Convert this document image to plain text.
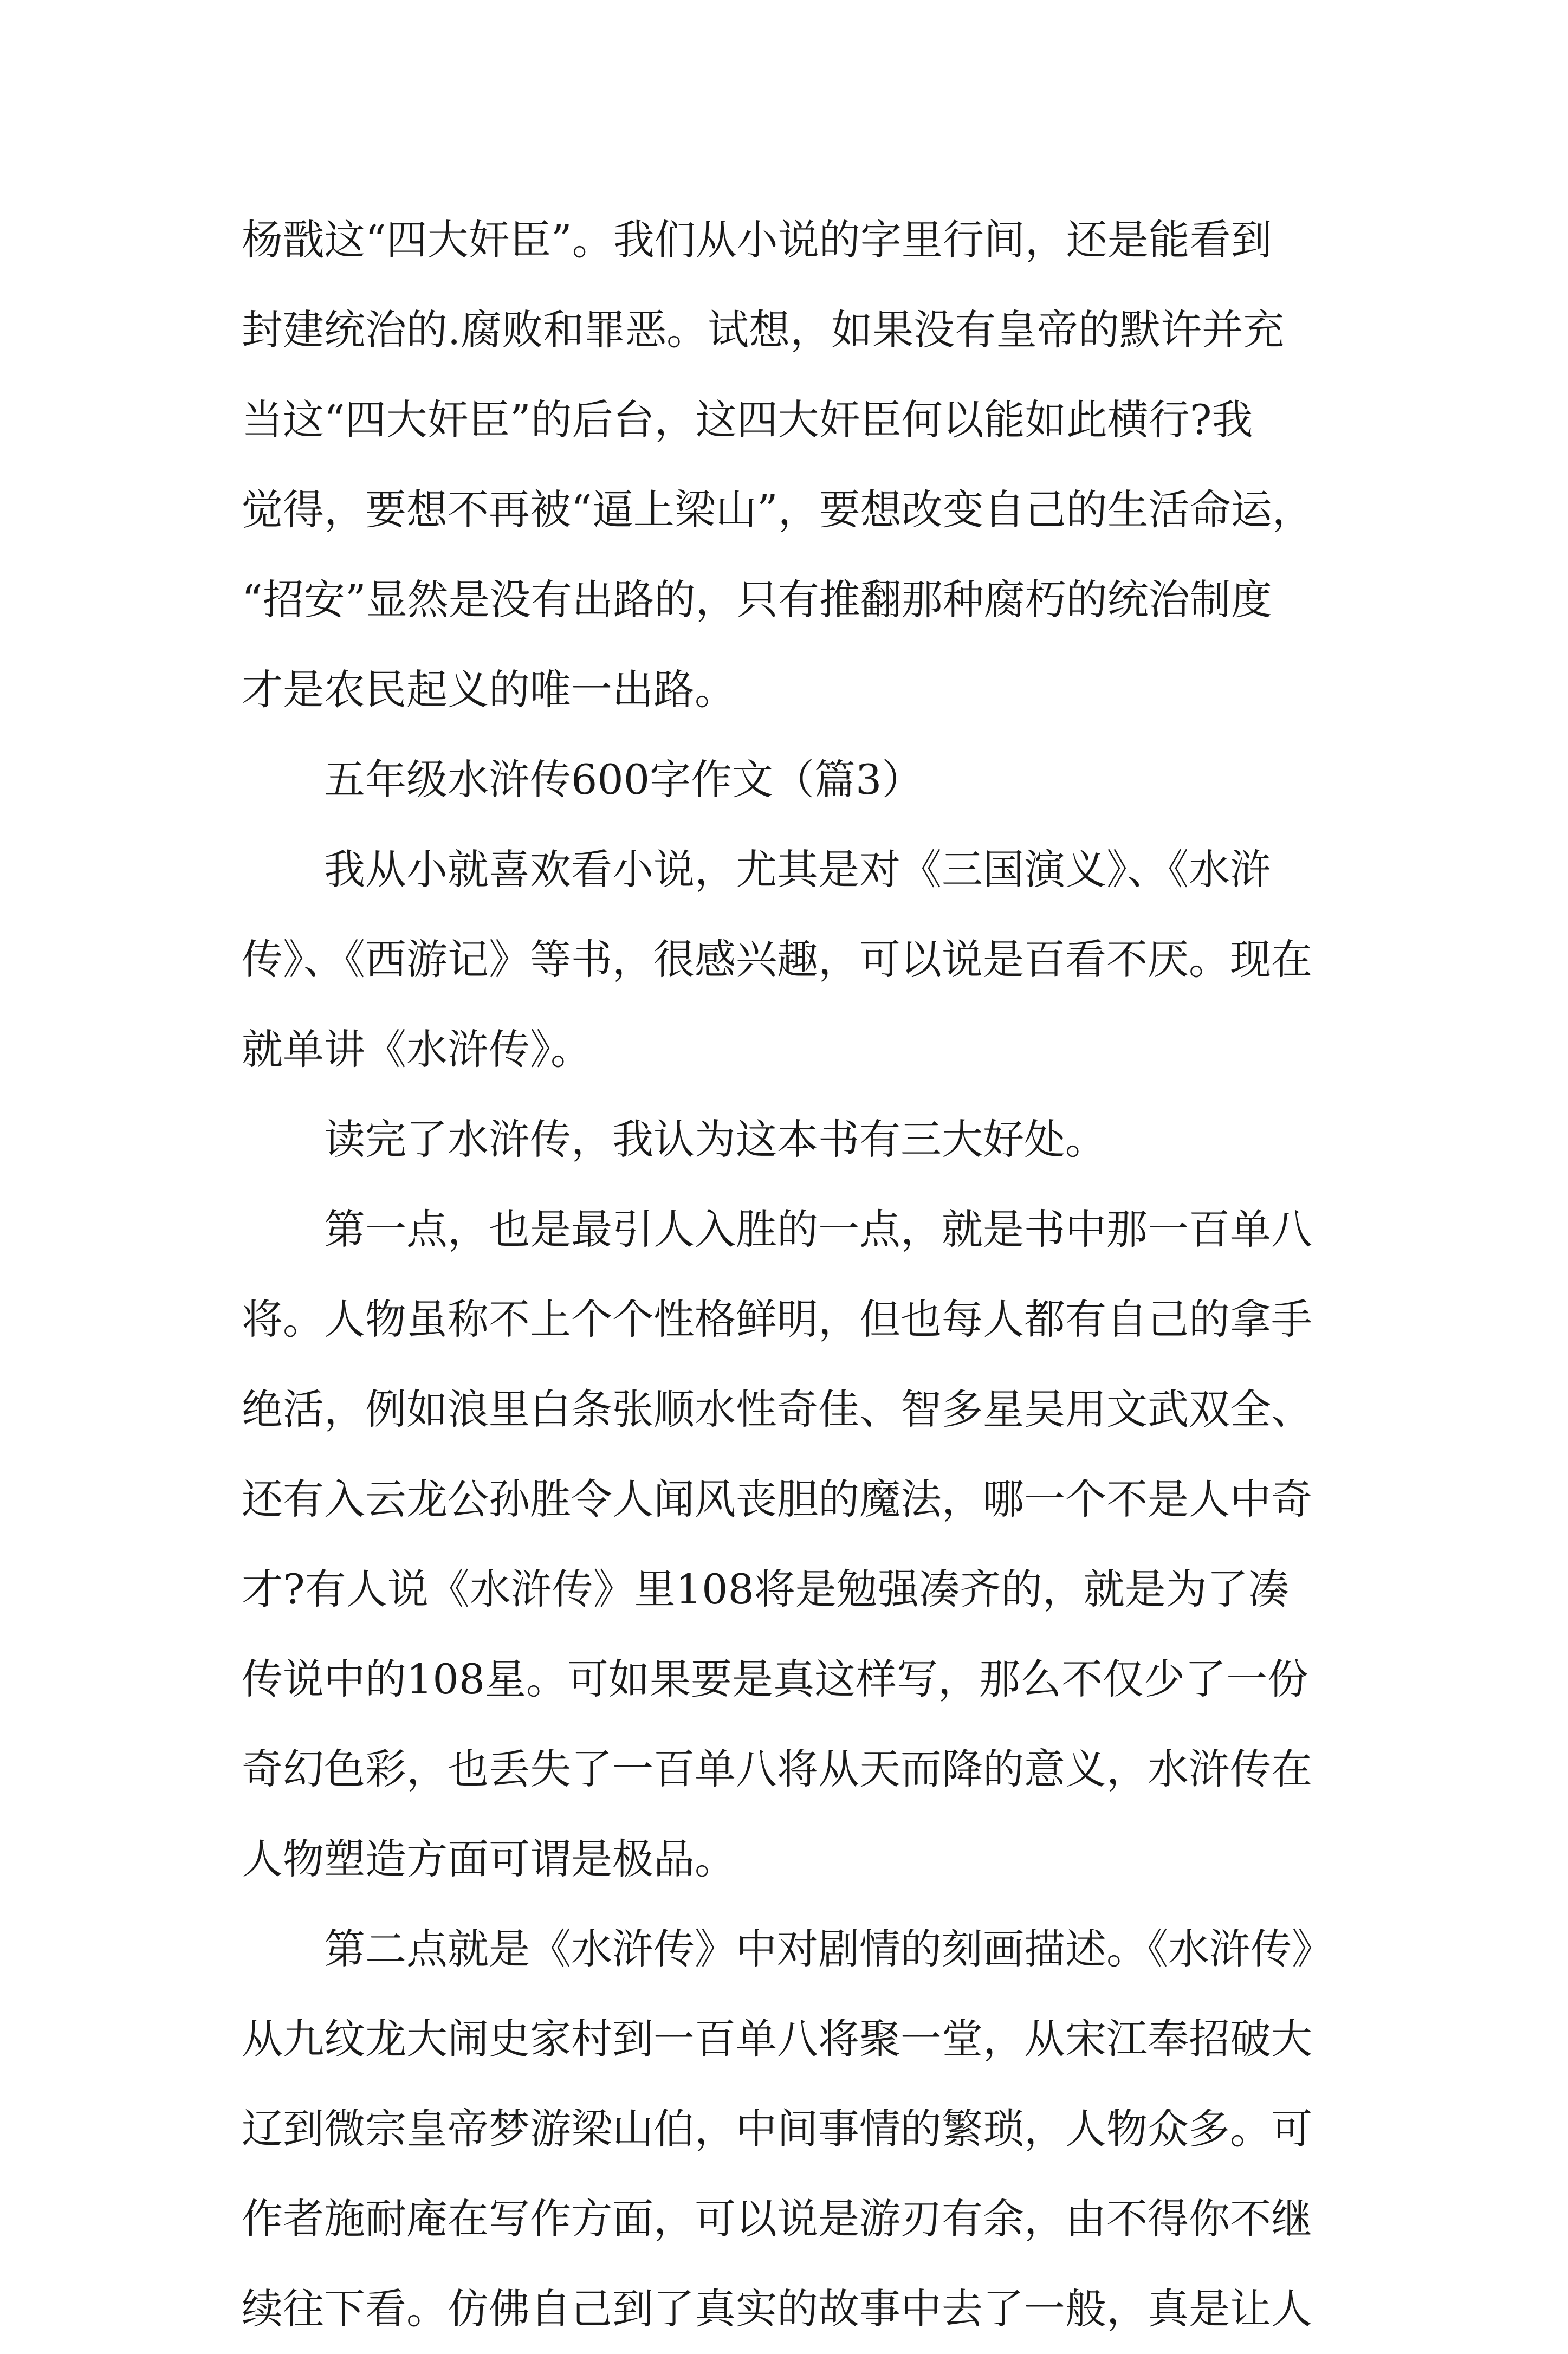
杨戬这“四大奸臣”。我们从小说的字里行间，还是能看到
封建统治的.腐败和罪恶。试想，如果没有皇帝的默许并充
当这“四大奸臣”的后台，这四大奸臣何以能如此横行?我
觉得，要想不再被“逼上梁山”，要想改变自己的生活命运，
“招安”显然是没有出路的，只有推翻那种腐朽的统治制度
才是农民起义的唯一出路。
五年级水浒传600字作文（篇3）
我从小就喜欢看小说，尤其是对《三国演义》、《水浒
传》、《西游记》等书，很感兴趣，可以说是百看不厌。现在
就单讲《水浒传》。
读完了水浒传，我认为这本书有三大好处。
第一点，也是最引人入胜的一点，就是书中那一百单八
将。人物虽称不上个个性格鲜明，但也每人都有自己的拿手
绝活，例如浪里白条张顺水性奇佳、智多星吴用文武双全、
还有入云龙公孙胜令人闻风丧胆的魔法，哪一个不是人中奇
才?有人说《水浒传》里108将是勉强凑齐的，就是为了凑
传说中的108星。可如果要是真这样写，那么不仅少了一份
奇幻色彩，也丢失了一百单八将从天而降的意义，水浒传在
人物塑造方面可谓是极品。
第二点就是《水浒传》中对剧情的刻画描述。《水浒传》
从九纹龙大闹史家村到一百单八将聚一堂，从宋江奉招破大
辽到微宗皇帝梦游梁山伯，中间事情的繁琐，人物众多。可
作者施耐庵在写作方面，可以说是游刃有余，由不得你不继
续往下看。仿佛自己到了真实的故事中去了一般，真是让人
